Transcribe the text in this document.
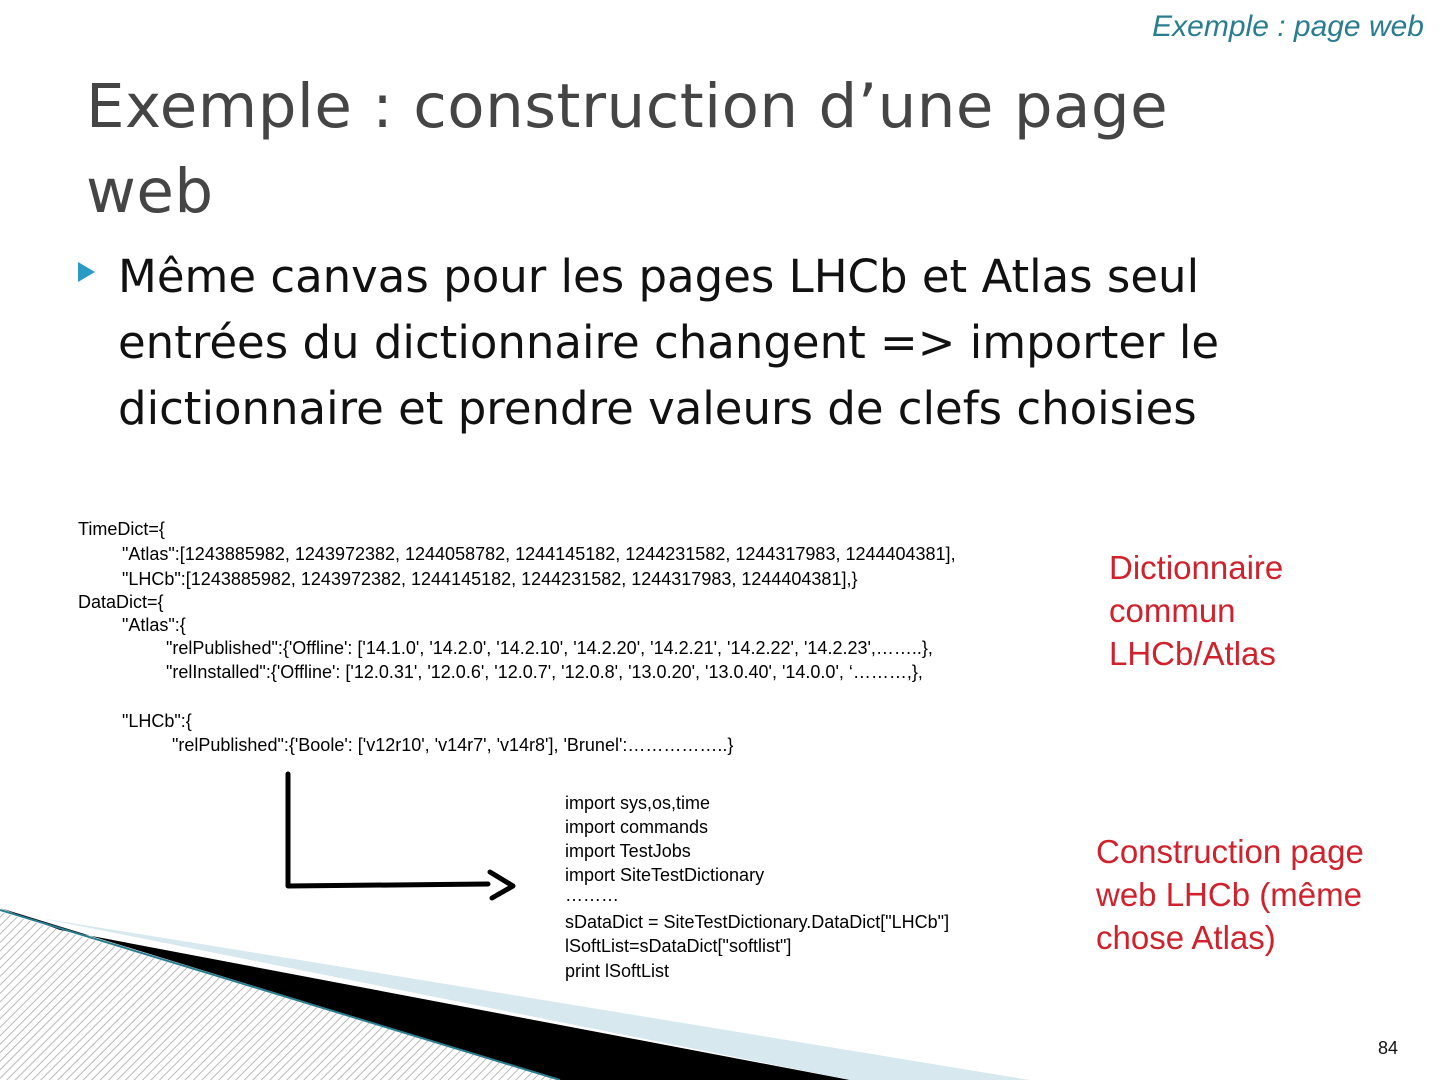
Exemple : page web
Exemple : construction d’une page
web
Même canvas pour les pages LHCb et Atlas seul
entrées du dictionnaire changent => importer le
dictionnaire et prendre valeurs de clefs choisies
TimeDict={
"Atlas":[1243885982, 1243972382, 1244058782, 1244145182, 1244231582, 1244317983, 1244404381],
"LHCb":[1243885982, 1243972382, 1244145182, 1244231582, 1244317983, 1244404381],}
DataDict={
"Atlas":{
"relPublished":{'Offline': ['14.1.0', '14.2.0', '14.2.10', '14.2.20', '14.2.21', '14.2.22', '14.2.23',……..},
"relInstalled":{'Offline': ['12.0.31', '12.0.6', '12.0.7', '12.0.8', '13.0.20', '13.0.40', '14.0.0', ‘………,},
"LHCb":{
"relPublished":{'Boole': ['v12r10', 'v14r7', 'v14r8'], 'Brunel':……………..}
import sys,os,time
import commands
import TestJobs
import SiteTestDictionary
………
sDataDict = SiteTestDictionary.DataDict["LHCb"]
lSoftList=sDataDict["softlist"]
print lSoftList
Dictionnaire
commun
LHCb/Atlas
Construction page
web LHCb (même
chose Atlas)
84
